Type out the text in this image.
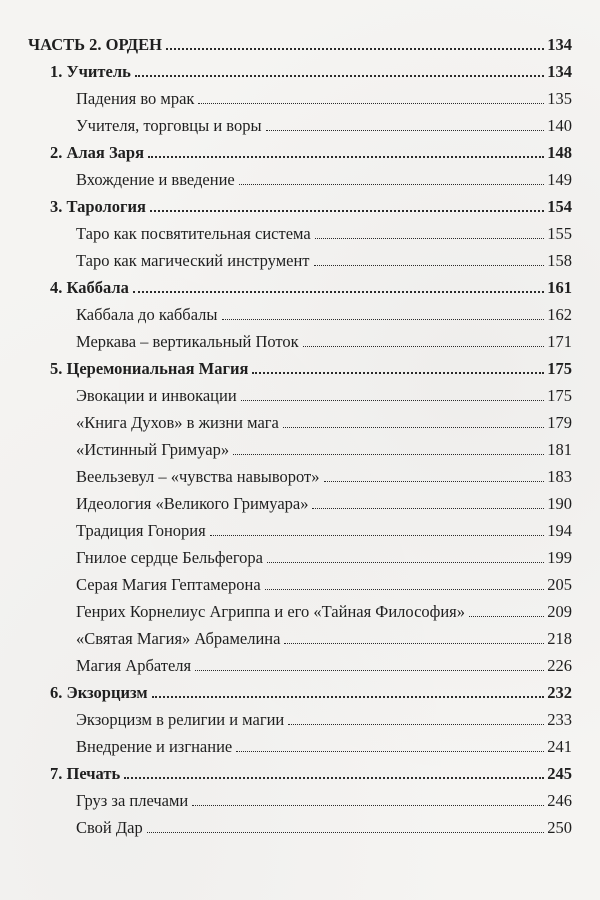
ЧАСТЬ 2. ОРДЕН	134
1. Учитель	134
Падения во мрак	135
Учителя, торговцы и воры	140
2. Алая Заря	148
Вхождение и введение	149
3. Тарология	154
Таро как посвятительная система	155
Таро как магический инструмент	158
4. Каббала	161
Каббала до каббалы	162
Меркава – вертикальный Поток	171
5. Церемониальная Магия	175
Эвокации и инвокации	175
«Книга Духов» в жизни мага	179
«Истинный Гримуар»	181
Веельзевул – «чувства навыворот»	183
Идеология «Великого Гримуара»	190
Традиция Гонория	194
Гнилое сердце Бельфегора	199
Серая Магия Гептамерона	205
Генрих Корнелиус Агриппа и его «Тайная Философия»	209
«Святая Магия» Абрамелина	218
Магия Арбателя	226
6. Экзорцизм	232
Экзорцизм в религии и магии	233
Внедрение и изгнание	241
7. Печать	245
Груз за плечами	246
Свой Дар	250
